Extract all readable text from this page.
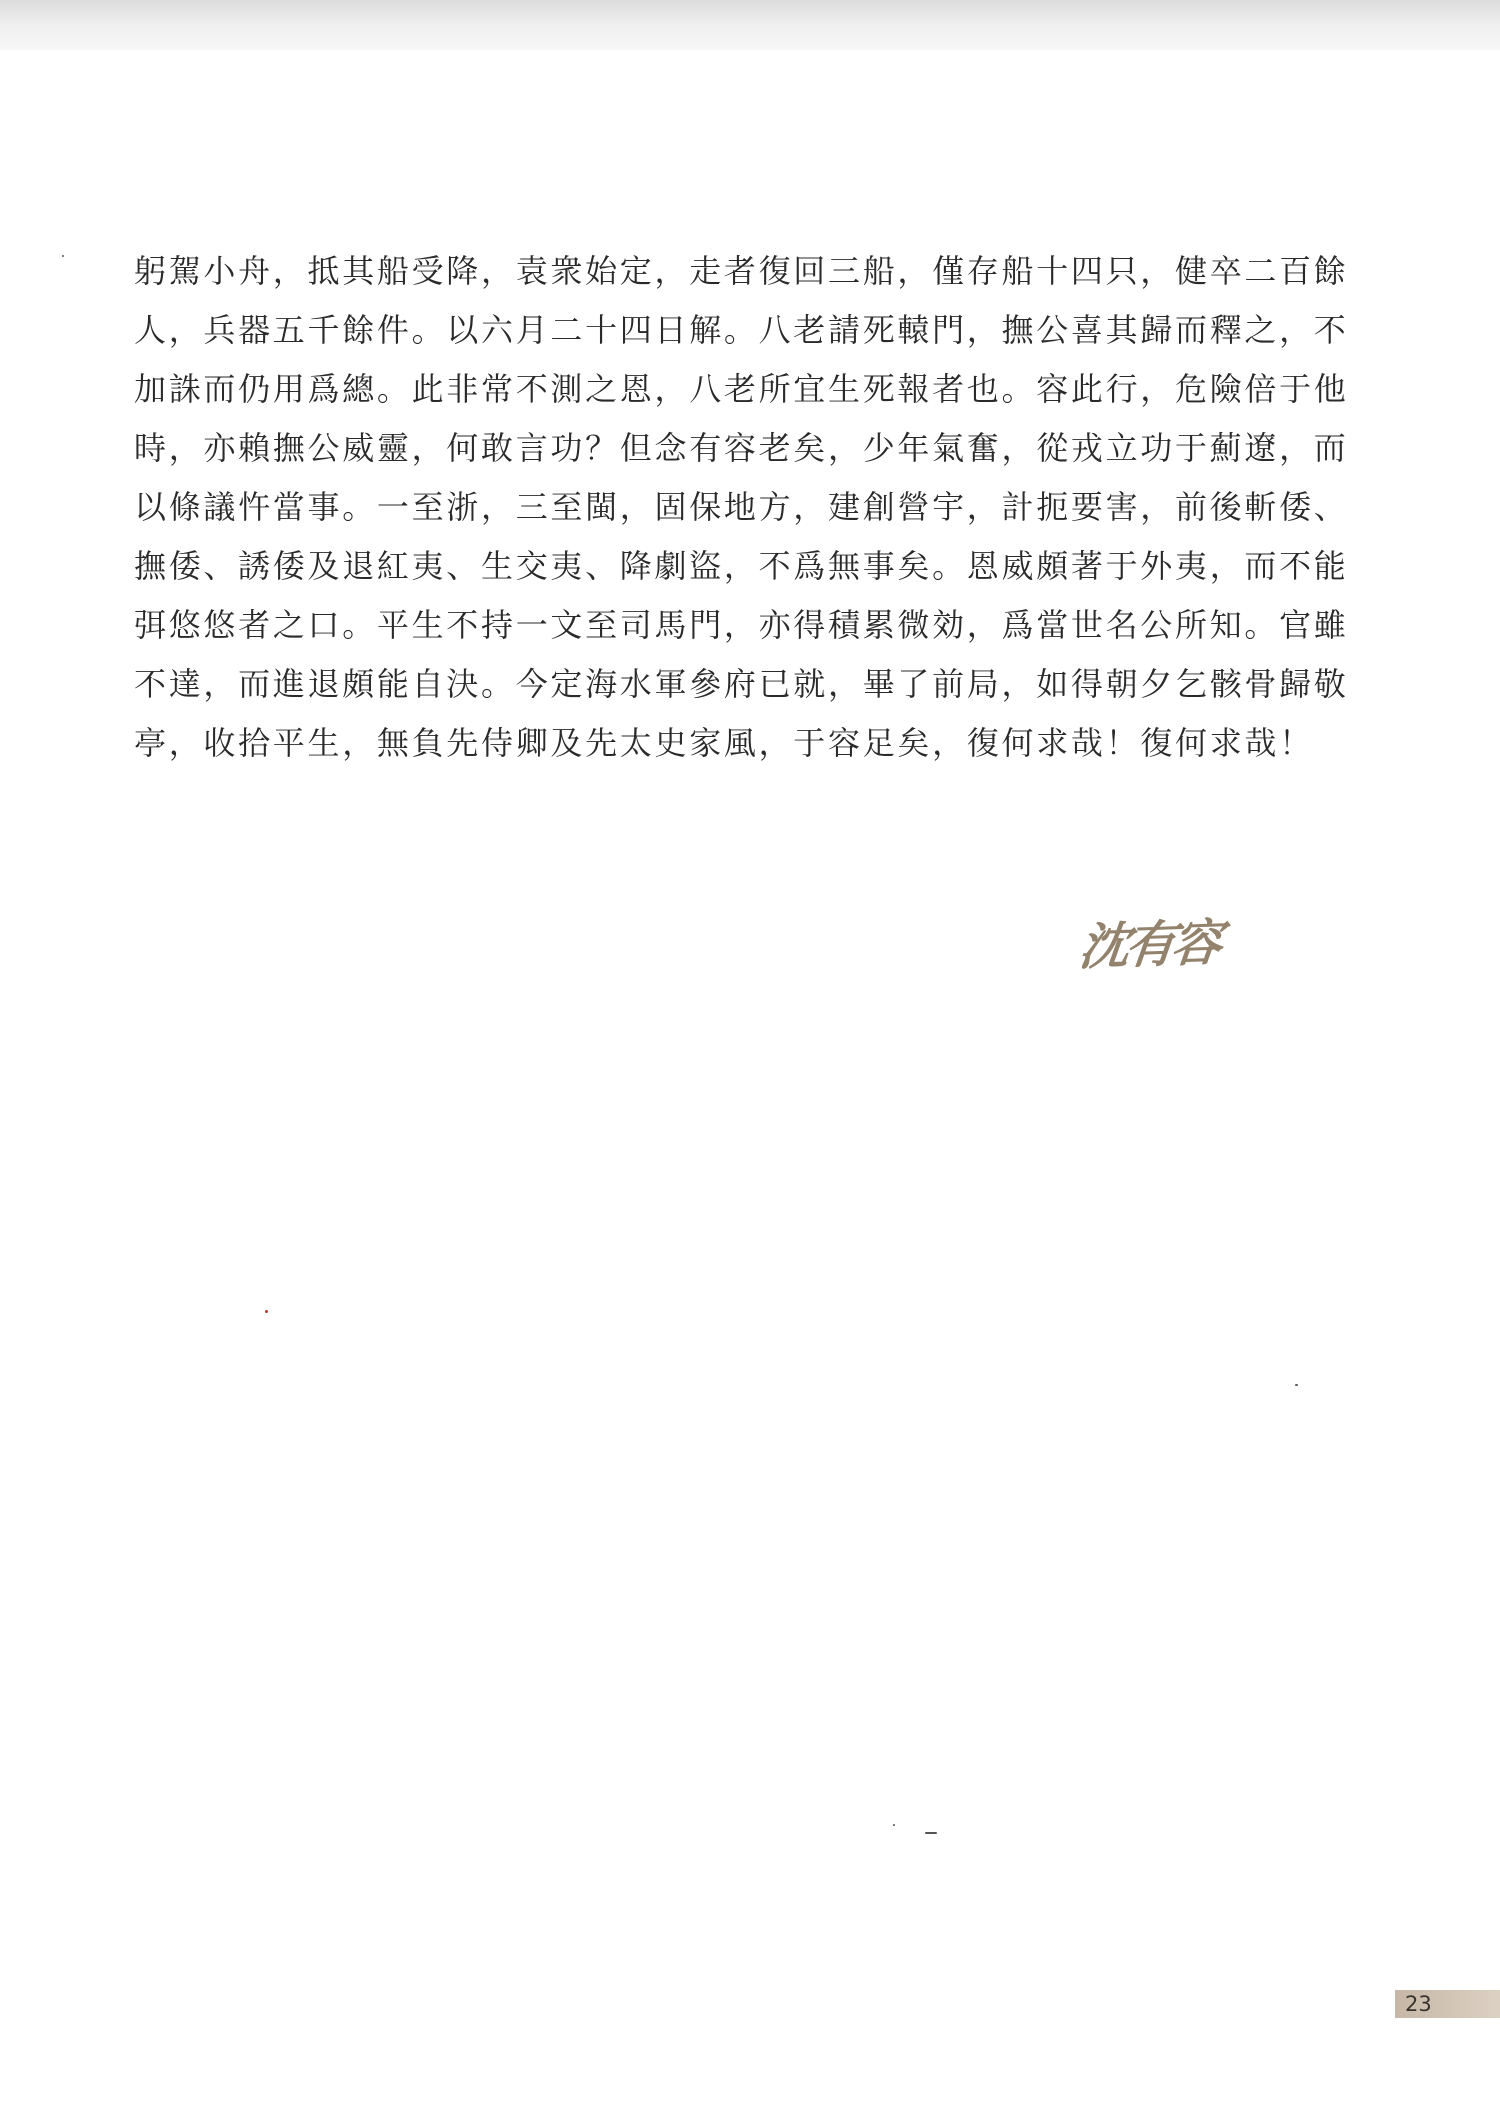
躬駕小舟，抵其船受降，袁衆始定，走者復回三船，僅存船十四只，健卒二百餘
人，兵器五千餘件。以六月二十四日解。八老請死轅門，撫公喜其歸而釋之，不
加誅而仍用爲總。此非常不測之恩，八老所宜生死報者也。容此行，危險倍于他
時，亦賴撫公威靈，何敢言功？但念有容老矣，少年氣奮，從戎立功于薊遼，而
以條議忤當事。一至浙，三至閩，固保地方，建創營宇，計扼要害，前後斬倭、
撫倭、誘倭及退紅夷、生交夷、降劇盜，不爲無事矣。恩威頗著于外夷，而不能
弭悠悠者之口。平生不持一文至司馬門，亦得積累微効，爲當世名公所知。官雖
不達，而進退頗能自決。今定海水軍參府已就，畢了前局，如得朝夕乞骸骨歸敬
亭，收拾平生，無負先侍卿及先太史家風，于容足矣，復何求哉！復何求哉！
沈有容
23
